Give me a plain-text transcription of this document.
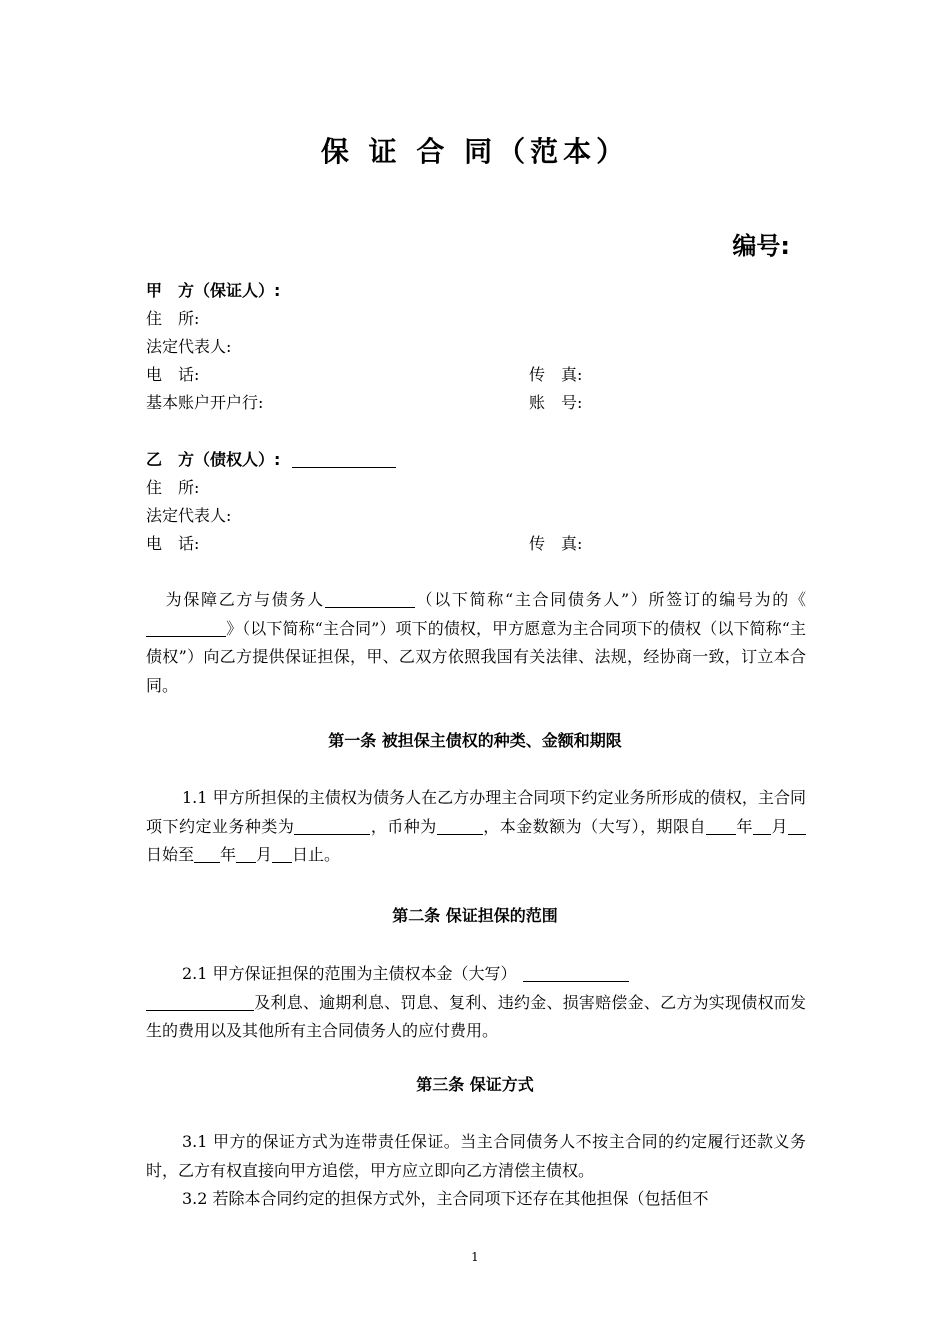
保 证 合 同（范本）
编号:
甲　方（保证人）:
住　所:
法定代表人:
电　话:	传　真:
基本账户开户行:	账　号:
乙　方（债权人）:
住　所:
法定代表人:
电　话:	传　真:
为保障乙方与债务人	（以下简称“主合同债务人”）所签订的编号为的《》（以下简称“主合同”）项下的债权，甲方愿意为主合同项下的债权（以下简称“主债权”）向乙方提供保证担保，甲、乙双方依照我国有关法律、法规，经协商一致，订立本合同。
第一条 被担保主债权的种类、金额和期限
1.1 甲方所担保的主债权为债务人在乙方办理主合同项下约定业务所形成的债权，主合同项下约定业务种类为	，币种为	，本金数额为（大写），期限自 年 月日始至 年 月 日止。
第二条 保证担保的范围
2.1 甲方保证担保的范围为主债权本金（大写）
及利息、逾期利息、罚息、复利、违约金、损害赔偿金、乙方为实现债权而发生的费用以及其他所有主合同债务人的应付费用。
第三条 保证方式
3.1 甲方的保证方式为连带责任保证。当主合同债务人不按主合同的约定履行还款义务时，乙方有权直接向甲方追偿，甲方应立即向乙方清偿主债权。
3.2 若除本合同约定的担保方式外，主合同项下还存在其他担保（包括但不
1
